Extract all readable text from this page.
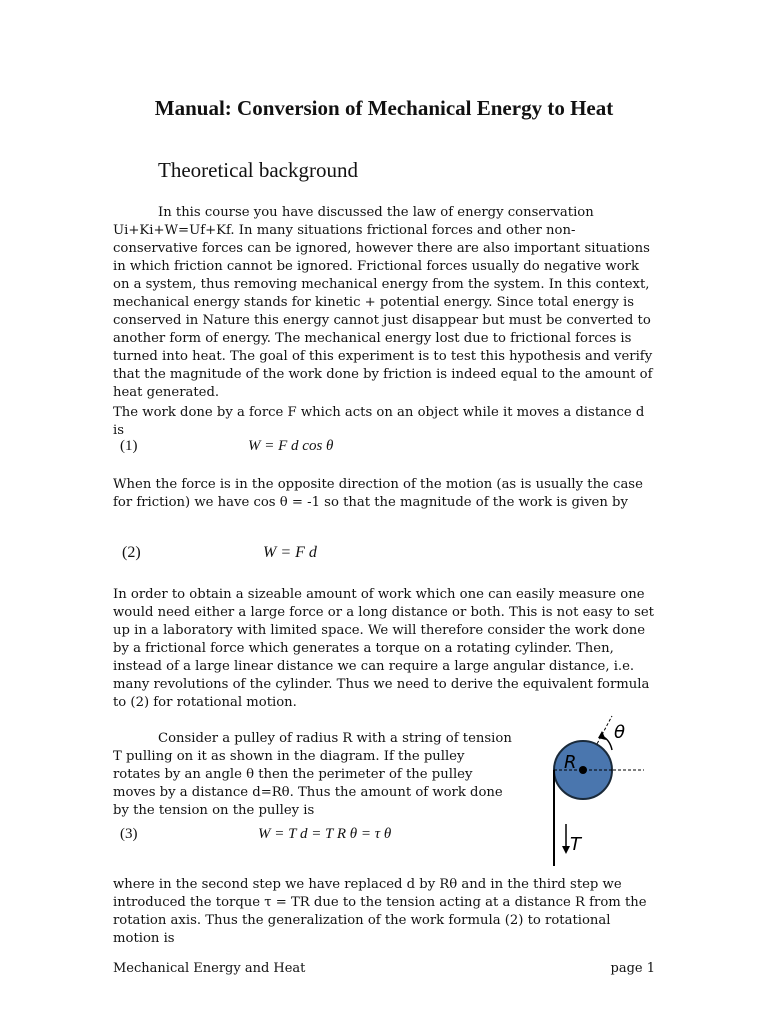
Manual: Conversion of Mechanical Energy to Heat
Theoretical background
In this course you have discussed the law of energy conservation Ui+Ki+W=Uf+Kf. In many situations frictional forces and other non-conservative forces can be ignored, however there are also important situations in which friction cannot be ignored. Frictional forces usually do negative work on a system, thus removing mechanical energy from the system. In this context, mechanical energy stands for kinetic + potential energy. Since total energy is conserved in Nature this energy cannot just disappear but must be converted to another form of energy. The mechanical energy lost due to frictional forces is turned into heat. The goal of this experiment is to test this hypothesis and verify that the magnitude of the work done by friction is indeed equal to the amount of heat generated.
The work done by a force F which acts on an object while it moves a distance d is
(1)	W = F d cos θ
When the force is in the opposite direction of the motion (as is usually the case for friction) we have cos θ = -1 so that the magnitude of the work is given by
(2)	W = F d
In order to obtain a sizeable amount of work which one can easily measure one would need either a large force or a long distance or both. This is not easy to set up in a laboratory with limited space. We will therefore consider the work done by a frictional force which generates a torque on a rotating cylinder. Then, instead of a large linear distance we can require a large angular distance, i.e. many revolutions of the cylinder. Thus we need to derive the equivalent formula to (2) for rotational motion.
Consider a pulley of radius R with a string of tension T pulling on it as shown in the diagram. If the pulley rotates by an angle θ then the perimeter of the pulley moves by a distance d=Rθ. Thus the amount of work done by the tension on the pulley is
θ
R
T
(3)	W = T d = T R θ = τ θ
where in the second step we have replaced d by Rθ and in the third step we introduced the torque τ = TR due to the tension acting at a distance R from the rotation axis. Thus the generalization of the work formula (2) to rotational motion is
Mechanical Energy and Heat	page 1
